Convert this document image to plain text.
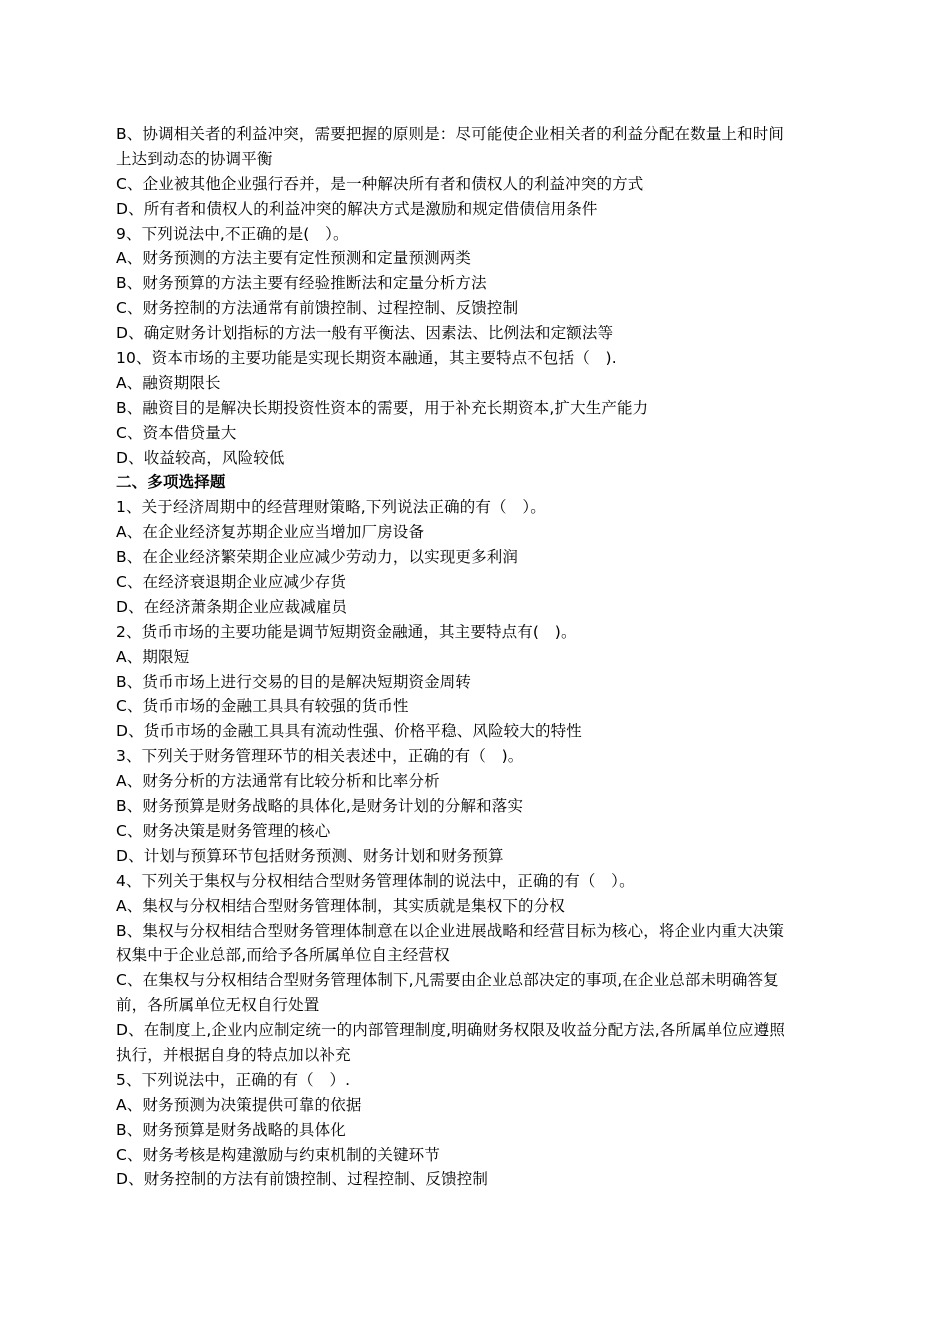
B、协调相关者的利益冲突，需要把握的原则是：尽可能使企业相关者的利益分配在数量上和时间
上达到动态的协调平衡
C、企业被其他企业强行吞并，是一种解决所有者和债权人的利益冲突的方式
D、所有者和债权人的利益冲突的解决方式是激励和规定借债信用条件
9、下列说法中,不正确的是(　）。
A、财务预测的方法主要有定性预测和定量预测两类
B、财务预算的方法主要有经验推断法和定量分析方法
C、财务控制的方法通常有前馈控制、过程控制、反馈控制
D、确定财务计划指标的方法一般有平衡法、因素法、比例法和定额法等
10、资本市场的主要功能是实现长期资本融通，其主要特点不包括（　).
A、融资期限长
B、融资目的是解决长期投资性资本的需要，用于补充长期资本,扩大生产能力
C、资本借贷量大
D、收益较高，风险较低
二、多项选择题
1、关于经济周期中的经营理财策略,下列说法正确的有（　）。
A、在企业经济复苏期企业应当增加厂房设备
B、在企业经济繁荣期企业应减少劳动力，以实现更多利润
C、在经济衰退期企业应减少存货
D、在经济萧条期企业应裁减雇员
2、货币市场的主要功能是调节短期资金融通，其主要特点有(　)。
A、期限短
B、货币市场上进行交易的目的是解决短期资金周转
C、货币市场的金融工具具有较强的货币性
D、货币市场的金融工具具有流动性强、价格平稳、风险较大的特性
3、下列关于财务管理环节的相关表述中，正确的有（　)。
A、财务分析的方法通常有比较分析和比率分析
B、财务预算是财务战略的具体化,是财务计划的分解和落实
C、财务决策是财务管理的核心
D、计划与预算环节包括财务预测、财务计划和财务预算
4、下列关于集权与分权相结合型财务管理体制的说法中，正确的有（　）。
A、集权与分权相结合型财务管理体制，其实质就是集权下的分权
B、集权与分权相结合型财务管理体制意在以企业进展战略和经营目标为核心，将企业内重大决策
权集中于企业总部,而给予各所属单位自主经营权
C、在集权与分权相结合型财务管理体制下,凡需要由企业总部决定的事项,在企业总部未明确答复
前，各所属单位无权自行处置
D、在制度上,企业内应制定统一的内部管理制度,明确财务权限及收益分配方法,各所属单位应遵照
执行，并根据自身的特点加以补充
5、下列说法中，正确的有（　）.
A、财务预测为决策提供可靠的依据
B、财务预算是财务战略的具体化
C、财务考核是构建激励与约束机制的关键环节
D、财务控制的方法有前馈控制、过程控制、反馈控制
